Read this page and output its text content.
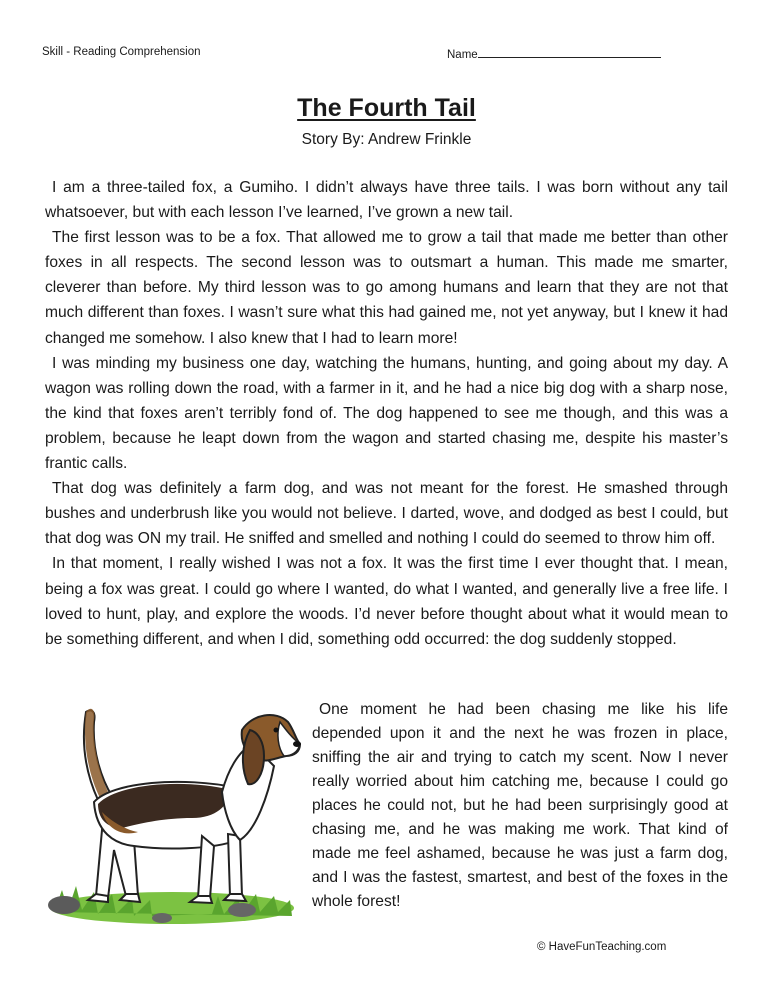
Skill - Reading Comprehension	Name
The Fourth Tail
Story By: Andrew Frinkle

I am a three-tailed fox, a Gumiho. I didn’t always have three tails. I was born without any tail whatsoever, but with each lesson I’ve learned, I’ve grown a new tail.

The first lesson was to be a fox. That allowed me to grow a tail that made me better than other foxes in all respects. The second lesson was to outsmart a human. This made me smarter, cleverer than before. My third lesson was to go among humans and learn that they are not that much different than foxes. I wasn’t sure what this had gained me, not yet anyway, but I knew it had changed me somehow. I also knew that I had to learn more!

I was minding my business one day, watching the humans, hunting, and going about my day. A wagon was rolling down the road, with a farmer in it, and he had a nice big dog with a sharp nose, the kind that foxes aren’t terribly fond of. The dog happened to see me though, and this was a problem, because he leapt down from the wagon and started chasing me, despite his master’s frantic calls.

That dog was definitely a farm dog, and was not meant for the forest. He smashed through bushes and underbrush like you would not believe. I darted, wove, and dodged as best I could, but that dog was ON my trail. He sniffed and smelled and nothing I could do seemed to throw him off.

In that moment, I really wished I was not a fox. It was the first time I ever thought that. I mean, being a fox was great. I could go where I wanted, do what I wanted, and generally live a free life. I loved to hunt, play, and explore the woods. I’d never before thought about what it would mean to be something different, and when I did, something odd occurred: the dog suddenly stopped.

One moment he had been chasing me like his life depended upon it and the next he was frozen in place, sniffing the air and trying to catch my scent. Now I never really worried about him catching me, because I could go places he could not, but he had been surprisingly good at chasing me, and he was making me work. That kind of made me feel ashamed, because he was just a farm dog, and I was the fastest, smartest, and best of the foxes in the whole forest!

© HaveFunTeaching.com
